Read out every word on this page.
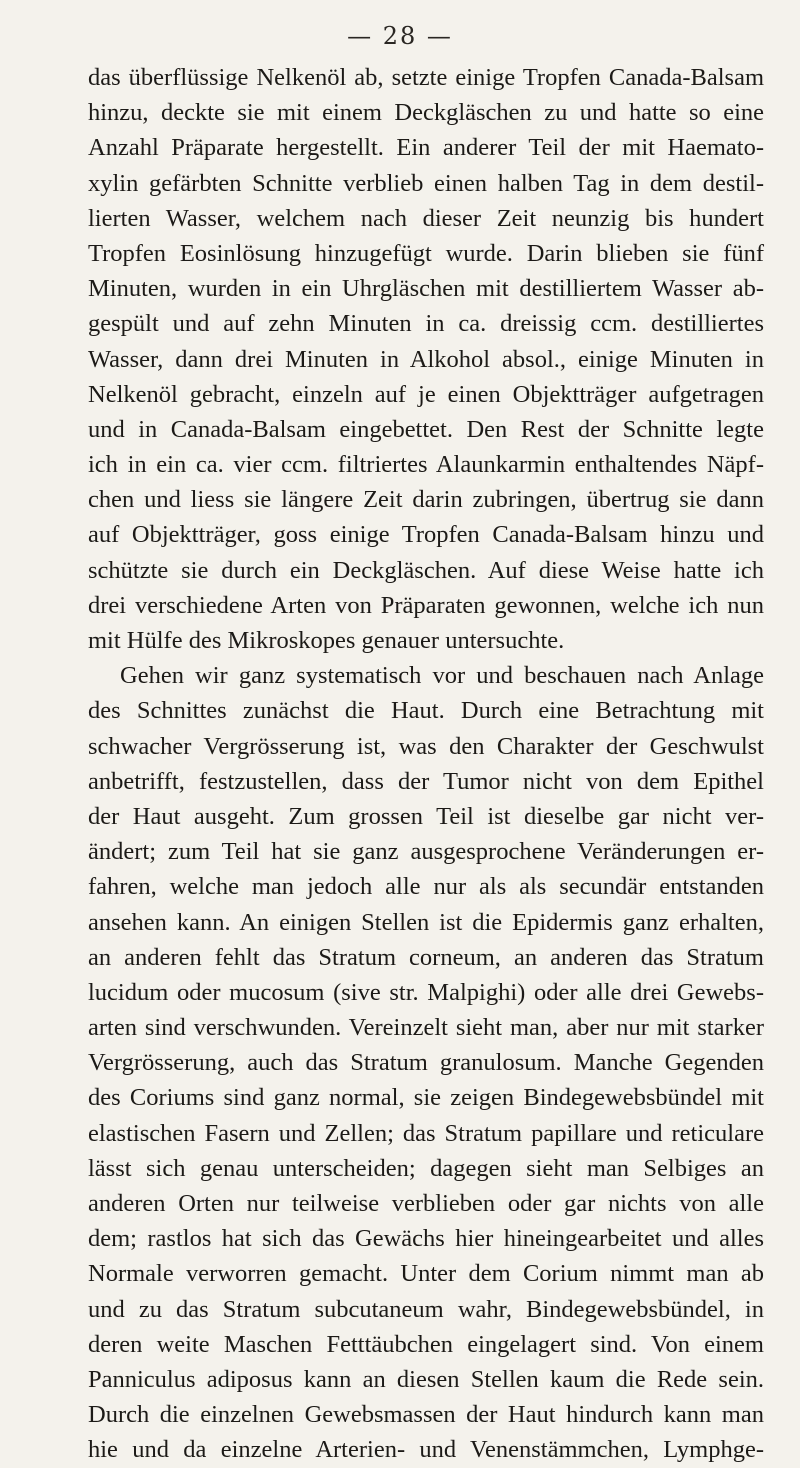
— 28 —
das überflüssige Nelkenöl ab, setzte einige Tropfen Canada-Balsam
hinzu, deckte sie mit einem Deckgläschen zu und hatte so eine
Anzahl Präparate hergestellt. Ein anderer Teil der mit Haemato-
xylin gefärbten Schnitte verblieb einen halben Tag in dem destil-
lierten Wasser, welchem nach dieser Zeit neunzig bis hundert
Tropfen Eosinlösung hinzugefügt wurde. Darin blieben sie fünf
Minuten, wurden in ein Uhrgläschen mit destilliertem Wasser ab-
gespült und auf zehn Minuten in ca. dreissig ccm. destilliertes
Wasser, dann drei Minuten in Alkohol absol., einige Minuten in
Nelkenöl gebracht, einzeln auf je einen Objektträger aufgetragen
und in Canada-Balsam eingebettet. Den Rest der Schnitte legte
ich in ein ca. vier ccm. filtriertes Alaunkarmin enthaltendes Näpf-
chen und liess sie längere Zeit darin zubringen, übertrug sie dann
auf Objektträger, goss einige Tropfen Canada-Balsam hinzu und
schützte sie durch ein Deckgläschen. Auf diese Weise hatte ich
drei verschiedene Arten von Präparaten gewonnen, welche ich nun
mit Hülfe des Mikroskopes genauer untersuchte.
Gehen wir ganz systematisch vor und beschauen nach Anlage
des Schnittes zunächst die Haut. Durch eine Betrachtung mit
schwacher Vergrösserung ist, was den Charakter der Geschwulst
anbetrifft, festzustellen, dass der Tumor nicht von dem Epithel
der Haut ausgeht. Zum grossen Teil ist dieselbe gar nicht ver-
ändert; zum Teil hat sie ganz ausgesprochene Veränderungen er-
fahren, welche man jedoch alle nur als als secundär entstanden
ansehen kann. An einigen Stellen ist die Epidermis ganz erhalten,
an anderen fehlt das Stratum corneum, an anderen das Stratum
lucidum oder mucosum (sive str. Malpighi) oder alle drei Gewebs-
arten sind verschwunden. Vereinzelt sieht man, aber nur mit starker
Vergrösserung, auch das Stratum granulosum. Manche Gegenden
des Coriums sind ganz normal, sie zeigen Bindegewebsbündel mit
elastischen Fasern und Zellen; das Stratum papillare und reticulare
lässt sich genau unterscheiden; dagegen sieht man Selbiges an
anderen Orten nur teilweise verblieben oder gar nichts von alle
dem; rastlos hat sich das Gewächs hier hineingearbeitet und alles
Normale verworren gemacht. Unter dem Corium nimmt man ab
und zu das Stratum subcutaneum wahr, Bindegewebsbündel, in
deren weite Maschen Fetttäubchen eingelagert sind. Von einem
Panniculus adiposus kann an diesen Stellen kaum die Rede sein.
Durch die einzelnen Gewebsmassen der Haut hindurch kann man
hie und da einzelne Arterien- und Venenstämmchen, Lymphge-
